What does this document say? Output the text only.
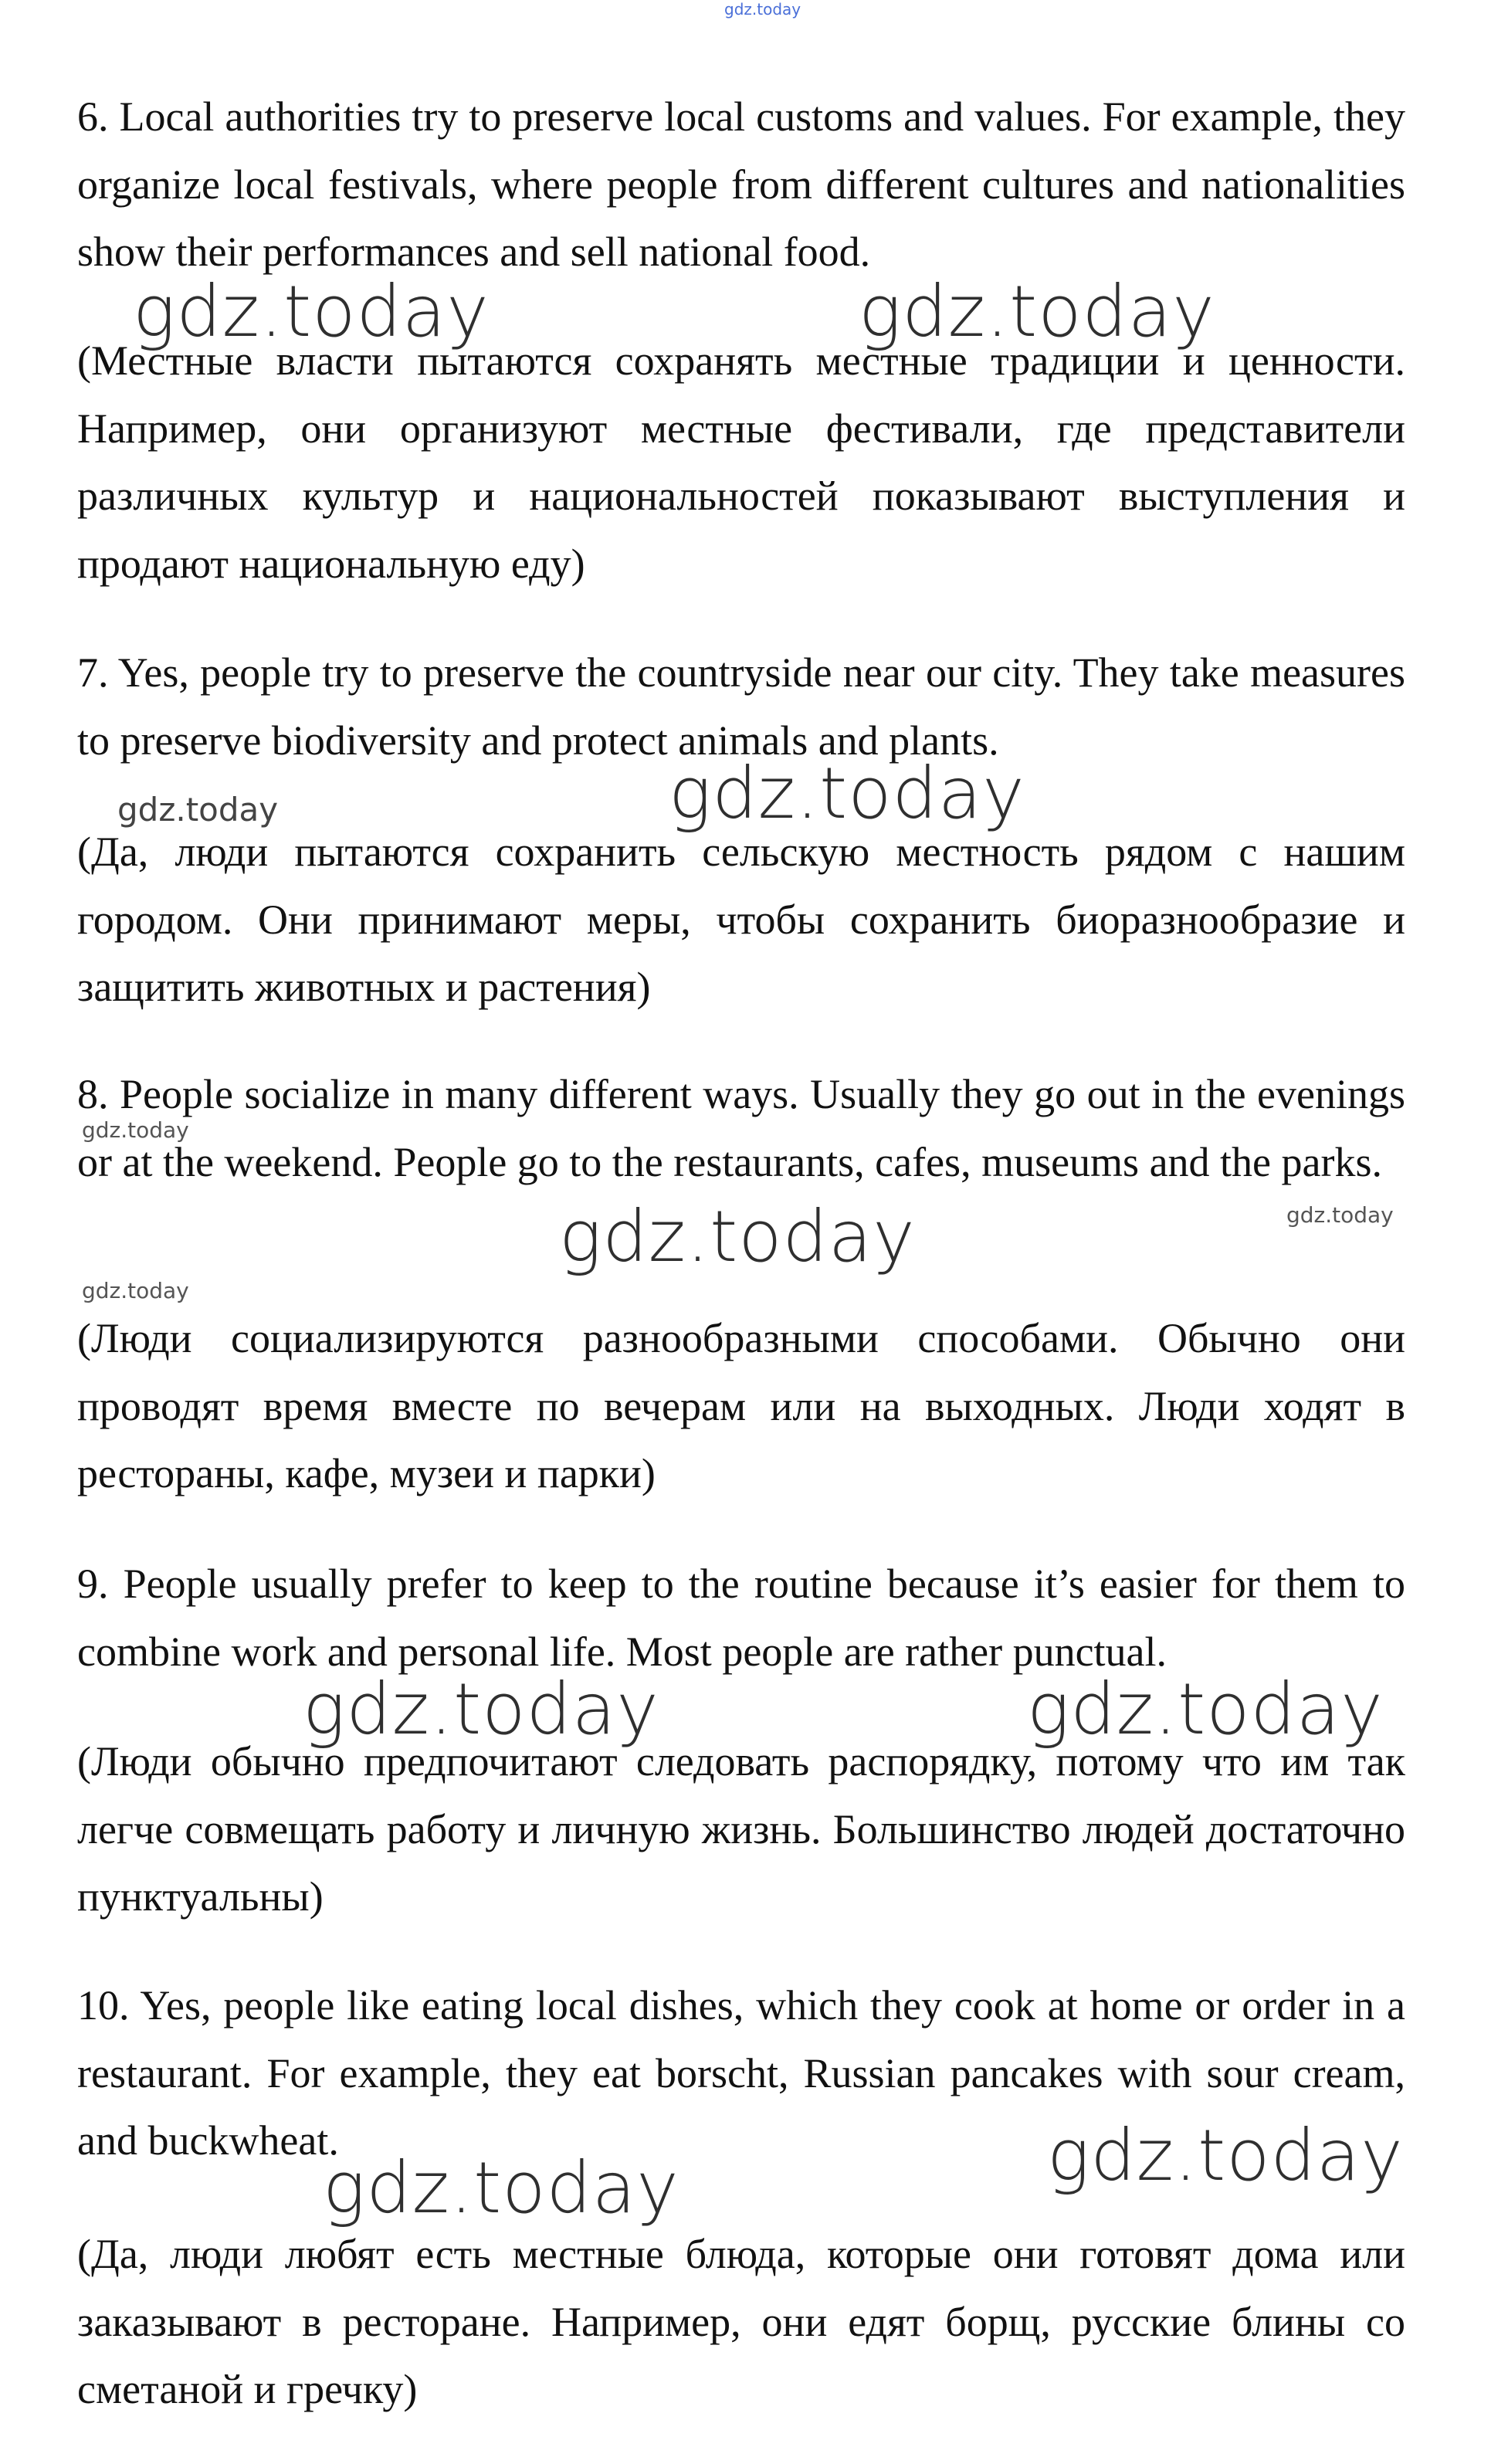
gdz.today

6. Local authorities try to preserve local customs and values. For example, they organize local festivals, where people from different cultures and nationalities show their performances and sell national food.

(Местные власти пытаются сохранять местные традиции и ценности. Например, они организуют местные фестивали, где представители различных культур и национальностей показывают выступления и продают национальную еду)

7. Yes, people try to preserve the countryside near our city. They take measures to preserve biodiversity and protect animals and plants.

(Да, люди пытаются сохранить сельскую местность рядом с нашим городом. Они принимают меры, чтобы сохранить биоразнообразие и защитить животных и растения)

8. People socialize in many different ways. Usually they go out in the evenings or at the weekend. People go to the restaurants, cafes, museums and the parks.

(Люди социализируются разнообразными способами. Обычно они проводят время вместе по вечерам или на выходных. Люди ходят в рестораны, кафе, музеи и парки)

9. People usually prefer to keep to the routine because it’s easier for them to combine work and personal life. Most people are rather punctual.

(Люди обычно предпочитают следовать распорядку, потому что им так легче совмещать работу и личную жизнь. Большинство людей достаточно пунктуальны)

10. Yes, people like eating local dishes, which they cook at home or order in a restaurant. For example, they eat borscht, Russian pancakes with sour cream, and buckwheat.

(Да, люди любят есть местные блюда, которые они готовят дома или заказывают в ресторане. Например, они едят борщ, русские блины со сметаной и гречку)

gdz.today	gdz.today
gdz.today	gdz.today
gdz.today
gdz.today	gdz.today
gdz.today
gdz.today	gdz.today
gdz.today
gdz.today
